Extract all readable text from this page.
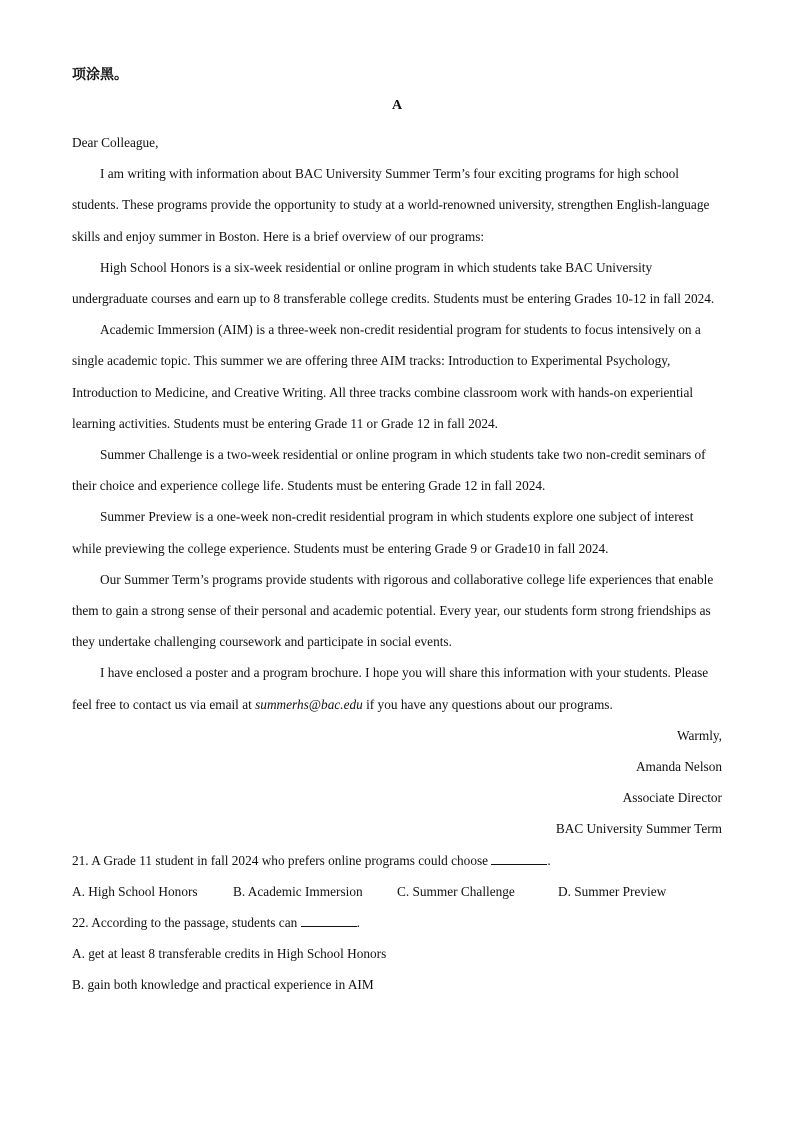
项涂黑。
A

Dear Colleague,

I am writing with information about BAC University Summer Term’s four exciting programs for high school students. These programs provide the opportunity to study at a world-renowned university, strengthen English-language skills and enjoy summer in Boston. Here is a brief overview of our programs:

High School Honors is a six-week residential or online program in which students take BAC University undergraduate courses and earn up to 8 transferable college credits. Students must be entering Grades 10-12 in fall 2024.

Academic Immersion (AIM) is a three-week non-credit residential program for students to focus intensively on a single academic topic. This summer we are offering three AIM tracks: Introduction to Experimental Psychology, Introduction to Medicine, and Creative Writing. All three tracks combine classroom work with hands-on experiential learning activities. Students must be entering Grade 11 or Grade 12 in fall 2024.

Summer Challenge is a two-week residential or online program in which students take two non-credit seminars of their choice and experience college life. Students must be entering Grade 12 in fall 2024.

Summer Preview is a one-week non-credit residential program in which students explore one subject of interest while previewing the college experience. Students must be entering Grade 9 or Grade10 in fall 2024.

Our Summer Term’s programs provide students with rigorous and collaborative college life experiences that enable them to gain a strong sense of their personal and academic potential. Every year, our students form strong friendships as they undertake challenging coursework and participate in social events.

I have enclosed a poster and a program brochure. I hope you will share this information with your students. Please feel free to contact us via email at summerhs@bac.edu if you have any questions about our programs.

Warmly,

Amanda Nelson

Associate Director

BAC University Summer Term

21. A Grade 11 student in fall 2024 who prefers online programs could choose	.

A. High School Honors	B. Academic Immersion	C. Summer Challenge	D. Summer Preview

22. According to the passage, students can	.

A. get at least 8 transferable credits in High School Honors

B. gain both knowledge and practical experience in AIM
